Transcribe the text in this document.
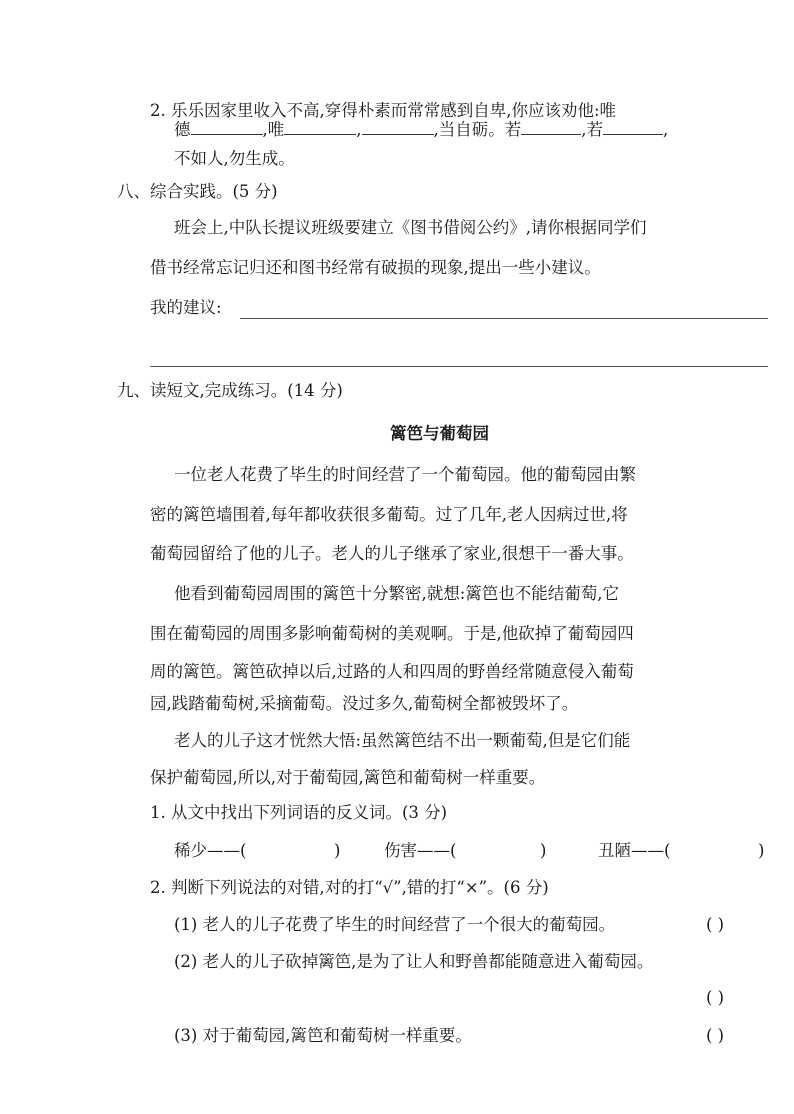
2. 乐乐因家里收入不高,穿得朴素而常常感到自卑,你应该劝他:唯
德	,唯	,	,当自砺。若	,若	,
不如人,勿生成。
八、综合实践。(5 分)
班会上,中队长提议班级要建立《图书借阅公约》,请你根据同学们
借书经常忘记归还和图书经常有破损的现象,提出一些小建议。
我的建议:
九、读短文,完成练习。(14 分)
篱笆与葡萄园
一位老人花费了毕生的时间经营了一个葡萄园。他的葡萄园由繁
密的篱笆墙围着,每年都收获很多葡萄。过了几年,老人因病过世,将
葡萄园留给了他的儿子。老人的儿子继承了家业,很想干一番大事。
他看到葡萄园周围的篱笆十分繁密,就想:篱笆也不能结葡萄,它
围在葡萄园的周围多影响葡萄树的美观啊。于是,他砍掉了葡萄园四
周的篱笆。篱笆砍掉以后,过路的人和四周的野兽经常随意侵入葡萄
园,践踏葡萄树,采摘葡萄。没过多久,葡萄树全都被毁坏了。
老人的儿子这才恍然大悟:虽然篱笆结不出一颗葡萄,但是它们能
保护葡萄园,所以,对于葡萄园,篱笆和葡萄树一样重要。
1. 从文中找出下列词语的反义词。(3 分)
稀少——(	)	伤害——(	)	丑陋——(	)
2. 判断下列说法的对错,对的打“√”,错的打“×”。(6 分)
(1) 老人的儿子花费了毕生的时间经营了一个很大的葡萄园。	( )
(2) 老人的儿子砍掉篱笆,是为了让人和野兽都能随意进入葡萄园。
( )
(3) 对于葡萄园,篱笆和葡萄树一样重要。	( )
